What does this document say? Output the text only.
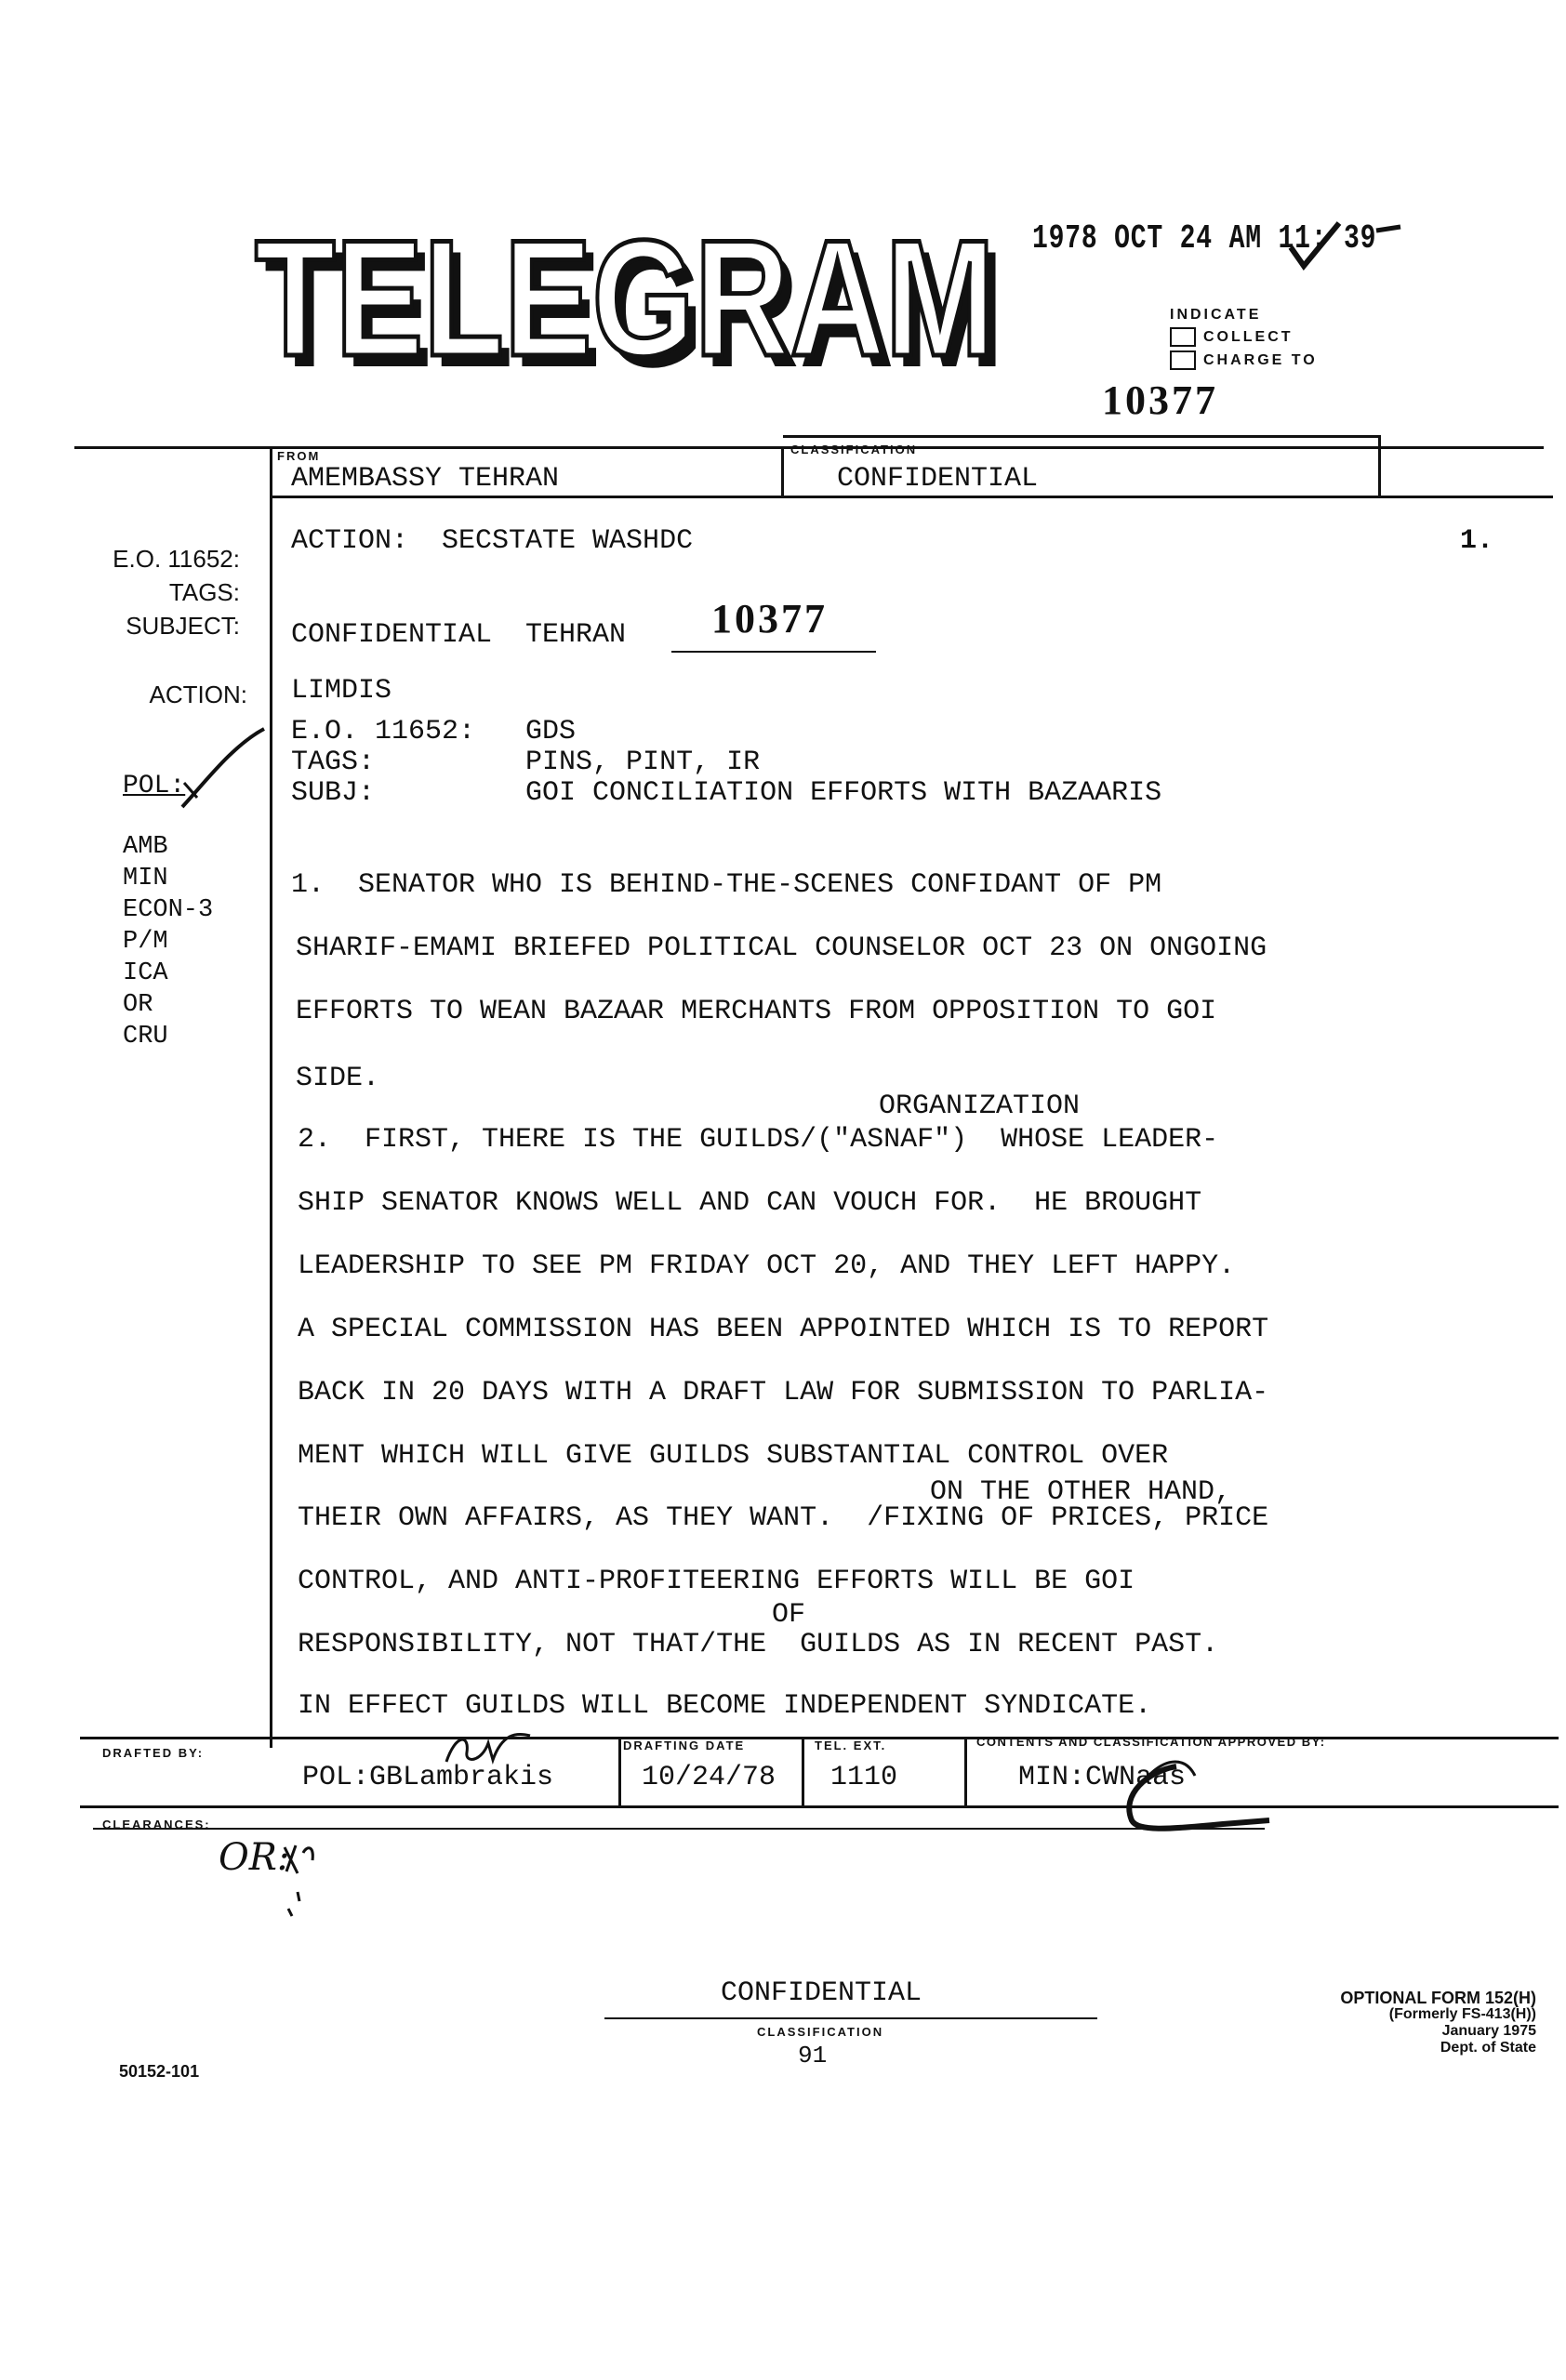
TELEGRAM
TELEGRAM 1978 OCT 24 AM 11: 39
INDICATE
COLLECT
CHARGE TO
10377
FROM
AMEMBASSY TEHRAN
CLASSIFICATION
CONFIDENTIAL
E.O. 11652:
TAGS:
SUBJECT:
ACTION:
POL:
AMB
MIN
ECON-3
P/M
ICA
OR
CRU
ACTION:  SECSTATE WASHDC	1.
CONFIDENTIAL  TEHRAN 10377
LIMDIS
E.O. 11652:   GDS
TAGS:         PINS, PINT, IR
SUBJ:         GOI CONCILIATION EFFORTS WITH BAZAARIS
1.  SENATOR WHO IS BEHIND-THE-SCENES CONFIDANT OF PM
SHARIF-EMAMI BRIEFED POLITICAL COUNSELOR OCT 23 ON ONGOING
EFFORTS TO WEAN BAZAAR MERCHANTS FROM OPPOSITION TO GOI
SIDE.
ORGANIZATION
2.  FIRST, THERE IS THE GUILDS/("ASNAF")  WHOSE LEADER-
SHIP SENATOR KNOWS WELL AND CAN VOUCH FOR.  HE BROUGHT
LEADERSHIP TO SEE PM FRIDAY OCT 20, AND THEY LEFT HAPPY.
A SPECIAL COMMISSION HAS BEEN APPOINTED WHICH IS TO REPORT
BACK IN 20 DAYS WITH A DRAFT LAW FOR SUBMISSION TO PARLIA-
MENT WHICH WILL GIVE GUILDS SUBSTANTIAL CONTROL OVER
ON THE OTHER HAND,
THEIR OWN AFFAIRS, AS THEY WANT.  /FIXING OF PRICES, PRICE
CONTROL, AND ANTI-PROFITEERING EFFORTS WILL BE GOI
OF
RESPONSIBILITY, NOT THAT/THE  GUILDS AS IN RECENT PAST.
IN EFFECT GUILDS WILL BECOME INDEPENDENT SYNDICATE.
DRAFTED BY:
POL:GBLambrakis
DRAFTING DATE
10/24/78
TEL. EXT.
1110
CONTENTS AND CLASSIFICATION APPROVED BY:
MIN:CWNaas
CLEARANCES:
OR:
CONFIDENTIAL
CLASSIFICATION
91
50152-101
OPTIONAL FORM 152(H)
(Formerly FS-413(H))
January 1975
Dept. of State
